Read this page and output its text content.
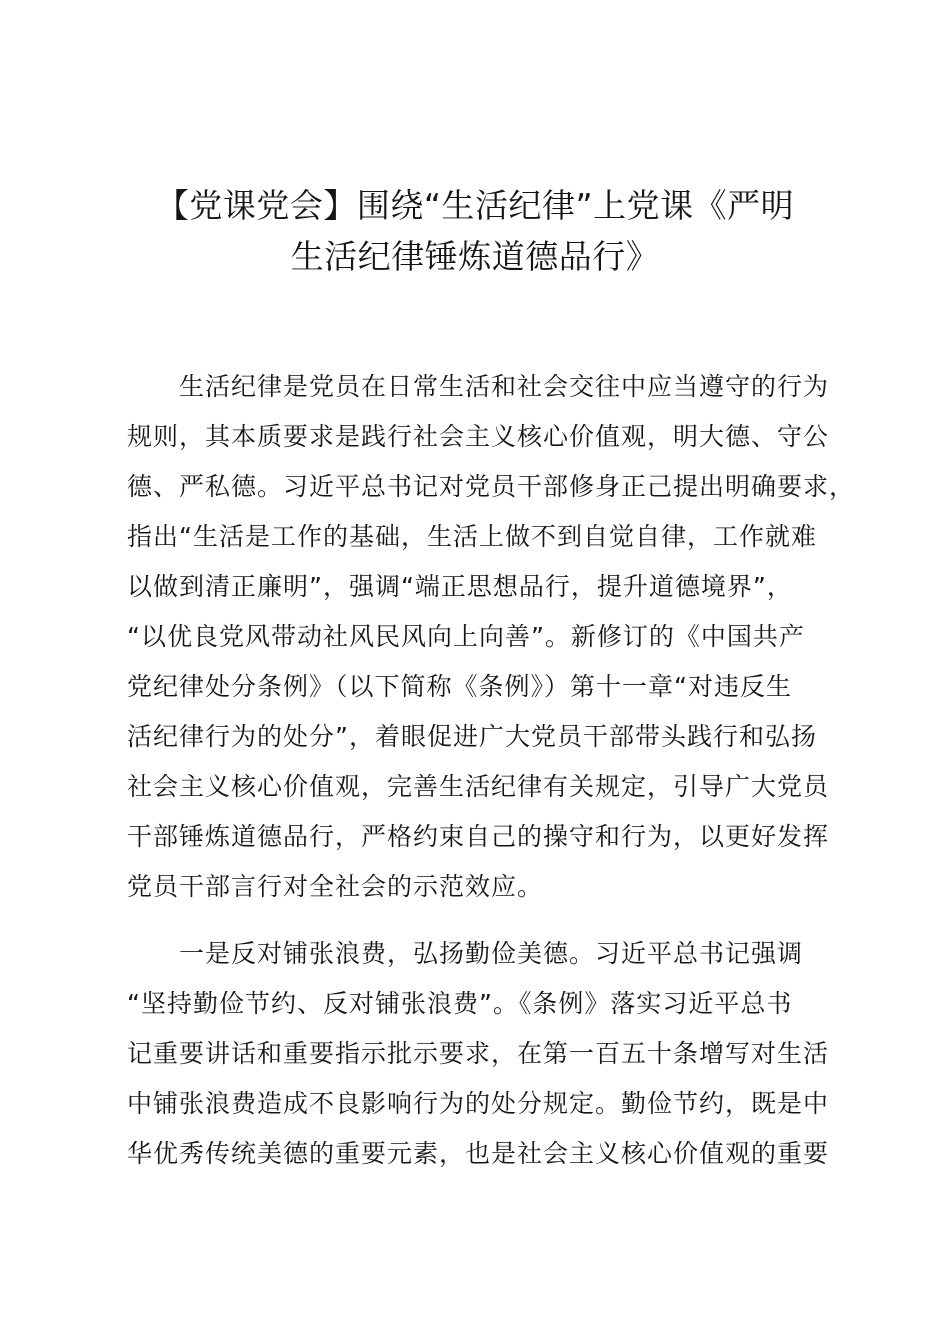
【党课党会】围绕“生活纪律”上党课《严明
生活纪律锤炼道德品行》

生活纪律是党员在日常生活和社会交往中应当遵守的行为
规则，其本质要求是践行社会主义核心价值观，明大德、守公
德、严私德。习近平总书记对党员干部修身正己提出明确要求，
指出“生活是工作的基础，生活上做不到自觉自律，工作就难
以做到清正廉明”，强调“端正思想品行，提升道德境界”，
“以优良党风带动社风民风向上向善”。新修订的《中国共产
党纪律处分条例》（以下简称《条例》）第十一章“对违反生
活纪律行为的处分”，着眼促进广大党员干部带头践行和弘扬
社会主义核心价值观，完善生活纪律有关规定，引导广大党员
干部锤炼道德品行，严格约束自己的操守和行为，以更好发挥
党员干部言行对全社会的示范效应。

一是反对铺张浪费，弘扬勤俭美德。习近平总书记强调
“坚持勤俭节约、反对铺张浪费”。《条例》落实习近平总书
记重要讲话和重要指示批示要求，在第一百五十条增写对生活
中铺张浪费造成不良影响行为的处分规定。勤俭节约，既是中
华优秀传统美德的重要元素，也是社会主义核心价值观的重要
